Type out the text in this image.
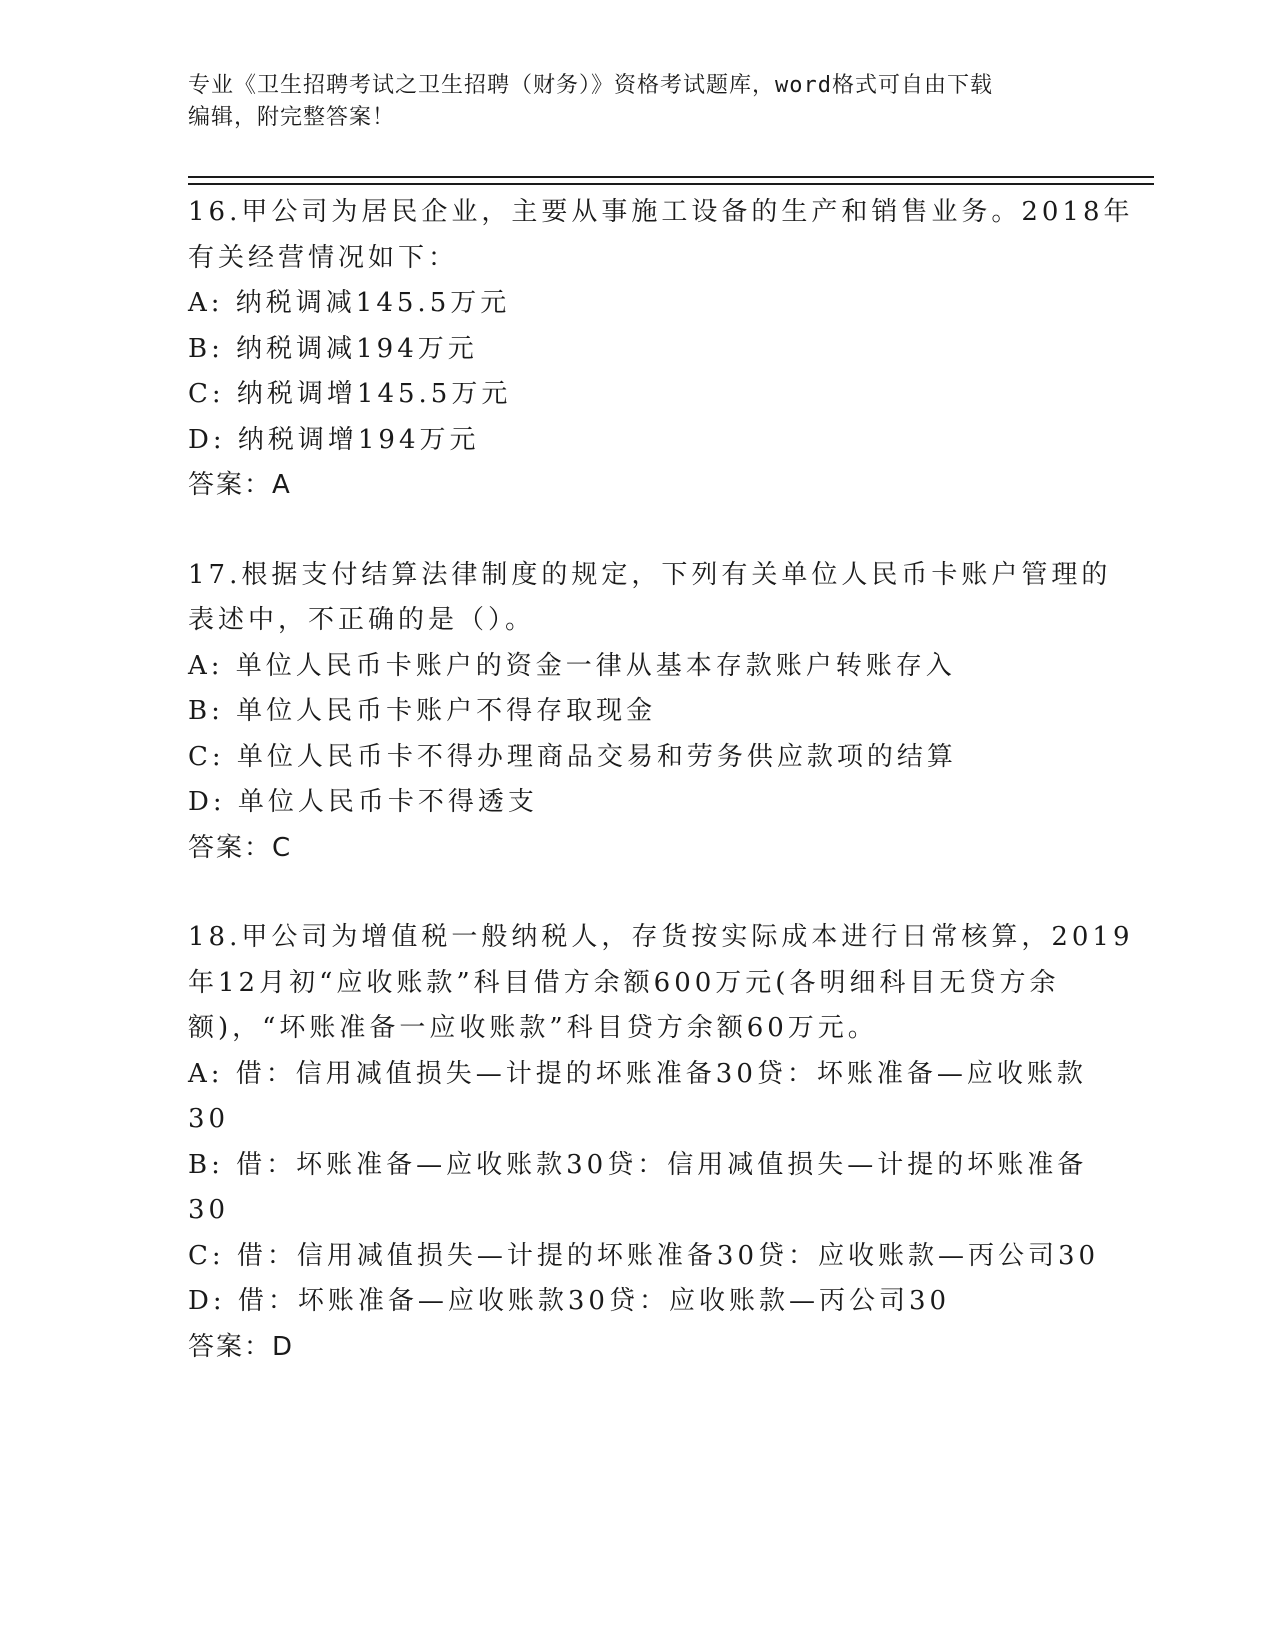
专业《卫生招聘考试之卫生招聘（财务）》资格考试题库，word格式可自由下载
编辑，附完整答案！
16.甲公司为居民企业，主要从事施工设备的生产和销售业务。2018年
有关经营情况如下：
A: 纳税调减145.5万元
B: 纳税调减194万元
C: 纳税调增145.5万元
D: 纳税调增194万元
答案：A
17.根据支付结算法律制度的规定，下列有关单位人民币卡账户管理的
表述中，不正确的是（）。
A: 单位人民币卡账户的资金一律从基本存款账户转账存入
B: 单位人民币卡账户不得存取现金
C: 单位人民币卡不得办理商品交易和劳务供应款项的结算
D: 单位人民币卡不得透支
答案：C
18.甲公司为增值税一般纳税人，存货按实际成本进行日常核算，2019
年12月初“应收账款”科目借方余额600万元(各明细科目无贷方余
额)，“坏账准备一应收账款”科目贷方余额60万元。
A: 借：信用减值损失—计提的坏账准备30贷：坏账准备—应收账款
30
B: 借：坏账准备—应收账款30贷：信用减值损失—计提的坏账准备
30
C: 借：信用减值损失—计提的坏账准备30贷：应收账款—丙公司30
D: 借：坏账准备—应收账款30贷：应收账款—丙公司30
答案：D
